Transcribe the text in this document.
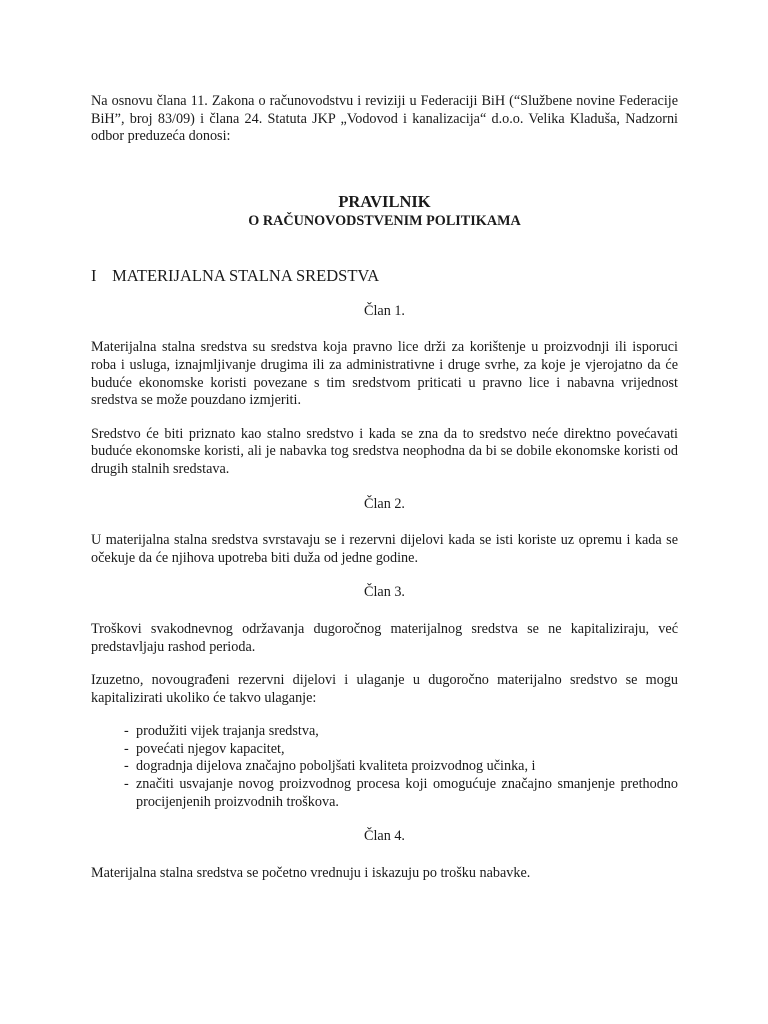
Na osnovu člana 11. Zakona o računovodstvu i reviziji u Federaciji BiH (“Službene novine Federacije BiH”, broj 83/09) i člana 24. Statuta JKP „Vodovod i kanalizacija“ d.o.o. Velika Kladuša, Nadzorni odbor preduzeća donosi:

PRAVILNIK
O RAČUNOVODSTVENIM POLITIKAMA
I MATERIJALNA STALNA SREDSTVA
Član 1.

Materijalna stalna sredstva su sredstva koja pravno lice drži za korištenje u proizvodnji ili isporuci roba i usluga, iznajmljivanje drugima ili za administrativne i druge svrhe, za koje je vjerojatno da će buduće ekonomske koristi povezane s tim sredstvom priticati u pravno lice i nabavna vrijednost sredstva se može pouzdano izmjeriti.

Sredstvo će biti priznato kao stalno sredstvo i kada se zna da to sredstvo neće direktno povećavati buduće ekonomske koristi, ali je nabavka tog sredstva neophodna da bi se dobile ekonomske koristi od drugih stalnih sredstava.

Član 2.

U materijalna stalna sredstva svrstavaju se i rezervni dijelovi kada se isti koriste uz opremu i kada se očekuje da će njihova upotreba biti duža od jedne godine.

Član 3.

Troškovi svakodnevnog održavanja dugoročnog materijalnog sredstva se ne kapitaliziraju, već predstavljaju rashod perioda.

Izuzetno, novougrađeni rezervni dijelovi i ulaganje u dugoročno materijalno sredstvo se mogu kapitalizirati ukoliko će takvo ulaganje:

- produžiti vijek trajanja sredstva,
- povećati njegov kapacitet,
- dogradnja dijelova značajno poboljšati kvaliteta proizvodnog učinka, i
- značiti usvajanje novog proizvodnog procesa koji omogućuje značajno smanjenje prethodno procijenjenih proizvodnih troškova.
Član 4.

Materijalna stalna sredstva se početno vrednuju i iskazuju po trošku nabavke.
